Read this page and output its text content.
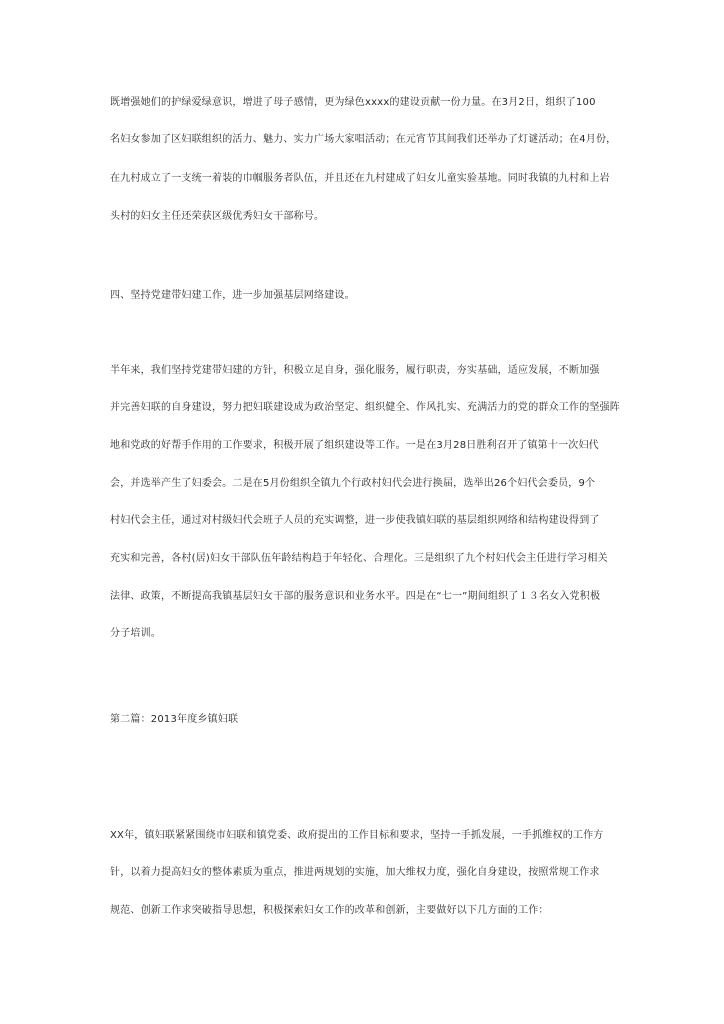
既增强她们的护绿爱绿意识，增进了母子感情，更为绿色xxxx的建设贡献一份力量。在3月2日，组织了100
名妇女参加了区妇联组织的活力、魅力、实力广场大家唱活动；在元宵节其间我们还举办了灯谜活动；在4月份，
在九村成立了一支统一着装的巾帼服务者队伍，并且还在九村建成了妇女儿童实验基地。同时我镇的九村和上岩
头村的妇女主任还荣获区级优秀妇女干部称号。
四、坚持党建带妇建工作，进一步加强基层网络建设。
半年来，我们坚持党建带妇建的方针，积极立足自身，强化服务，履行职责，夯实基础，适应发展，不断加强
并完善妇联的自身建设，努力把妇联建设成为政治坚定、组织健全、作风扎实、充满活力的党的群众工作的坚强阵
地和党政的好帮手作用的工作要求，积极开展了组织建设等工作。一是在3月28日胜利召开了镇第十一次妇代
会，并选举产生了妇委会。二是在5月份组织全镇九个行政村妇代会进行换届，选举出26个妇代会委员，9个
村妇代会主任，通过对村级妇代会班子人员的充实调整，进一步使我镇妇联的基层组织网络和结构建设得到了
充实和完善，各村(居)妇女干部队伍年龄结构趋于年轻化、合理化。三是组织了九个村妇代会主任进行学习相关
法律、政策，不断提高我镇基层妇女干部的服务意识和业务水平。四是在“七一”期间组织了１３名女入党积极
分子培训。
第二篇：2013年度乡镇妇联
XX年，镇妇联紧紧围绕市妇联和镇党委、政府提出的工作目标和要求，坚持一手抓发展，一手抓维权的工作方
针，以着力提高妇女的整体素质为重点，推进两规划的实施，加大维权力度，强化自身建设，按照常规工作求
规范、创新工作求突破指导思想，积极探索妇女工作的改革和创新，主要做好以下几方面的工作：
